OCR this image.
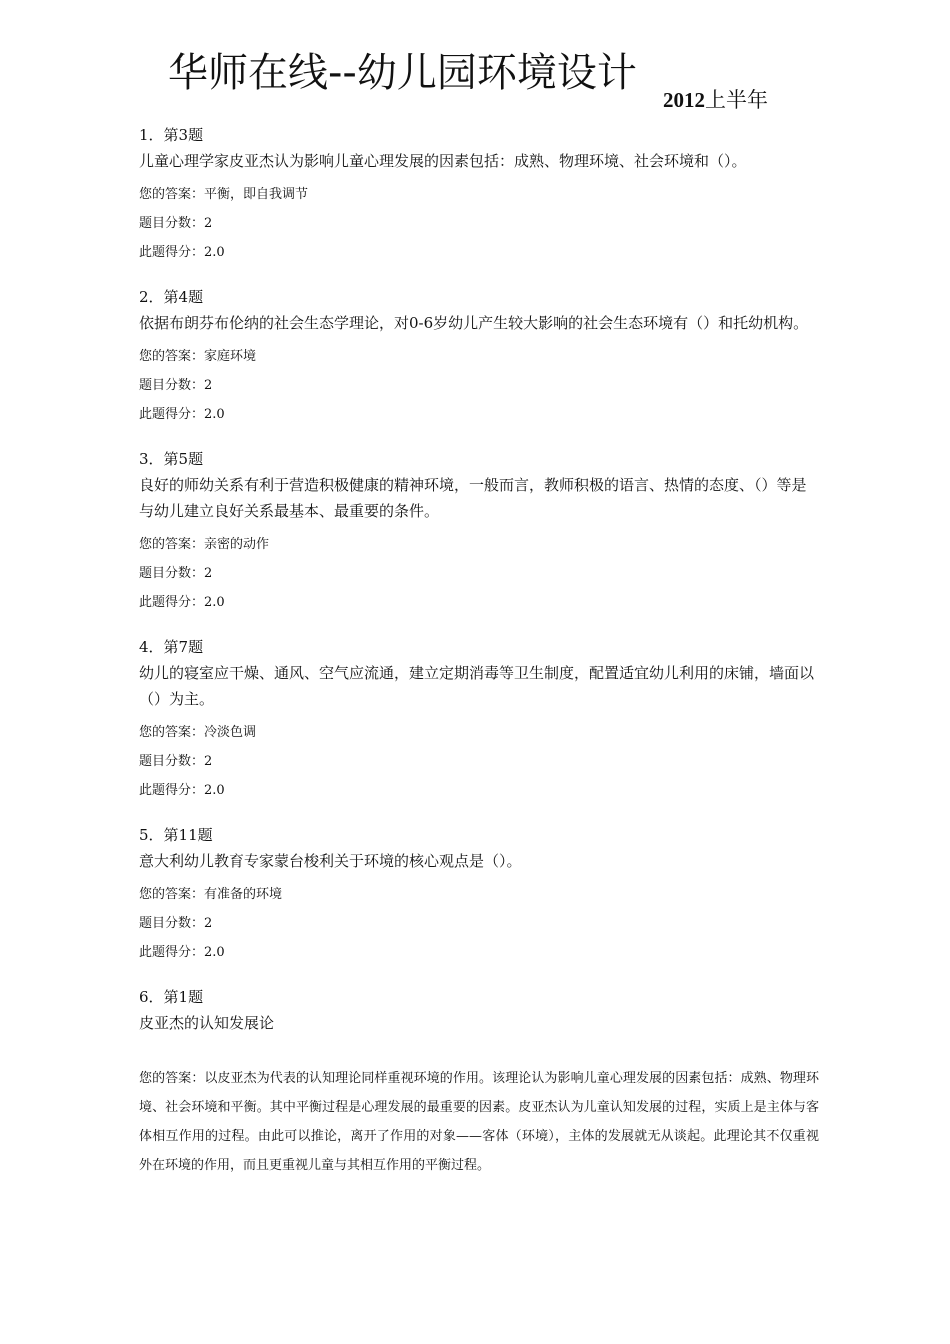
华师在线--幼儿园环境设计
2012上半年
1．第3题
儿童心理学家皮亚杰认为影响儿童心理发展的因素包括：成熟、物理环境、社会环境和（）。
您的答案：平衡，即自我调节
题目分数：2
此题得分：2.0
2．第4题
依据布朗芬布伦纳的社会生态学理论，对0-6岁幼儿产生较大影响的社会生态环境有（）和托幼机构。
您的答案：家庭环境
题目分数：2
此题得分：2.0
3．第5题
良好的师幼关系有利于营造积极健康的精神环境，一般而言，教师积极的语言、热情的态度、（）等是与幼儿建立良好关系最基本、最重要的条件。
您的答案：亲密的动作
题目分数：2
此题得分：2.0
4．第7题
幼儿的寝室应干燥、通风、空气应流通，建立定期消毒等卫生制度，配置适宜幼儿利用的床铺，墙面以（）为主。
您的答案：冷淡色调
题目分数：2
此题得分：2.0
5．第11题
意大利幼儿教育专家蒙台梭利关于环境的核心观点是（）。
您的答案：有准备的环境
题目分数：2
此题得分：2.0
6．第1题
皮亚杰的认知发展论
您的答案：以皮亚杰为代表的认知理论同样重视环境的作用。该理论认为影响儿童心理发展的因素包括：成熟、物理环境、社会环境和平衡。其中平衡过程是心理发展的最重要的因素。皮亚杰认为儿童认知发展的过程，实质上是主体与客体相互作用的过程。由此可以推论，离开了作用的对象——客体（环境），主体的发展就无从谈起。此理论其不仅重视外在环境的作用，而且更重视儿童与其相互作用的平衡过程。
